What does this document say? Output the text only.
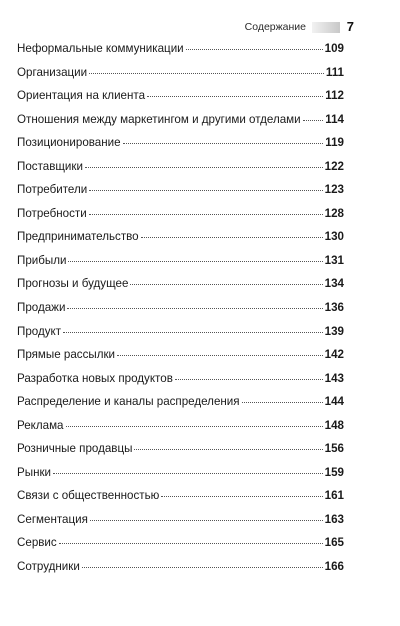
Содержание	7
Неформальные коммуникации	109
Организации	111
Ориентация на клиента	112
Отношения между маркетингом и другими отделами 114
Позиционирование	119
Поставщики	122
Потребители	123
Потребности	128
Предпринимательство	130
Прибыли	131
Прогнозы и будущее	134
Продажи	136
Продукт	139
Прямые рассылки	142
Разработка новых продуктов	143
Распределение и каналы распределения	144
Реклама	148
Розничные продавцы	156
Рынки	159
Связи с общественностью	161
Сегментация	163
Сервис	165
Сотрудники	166
